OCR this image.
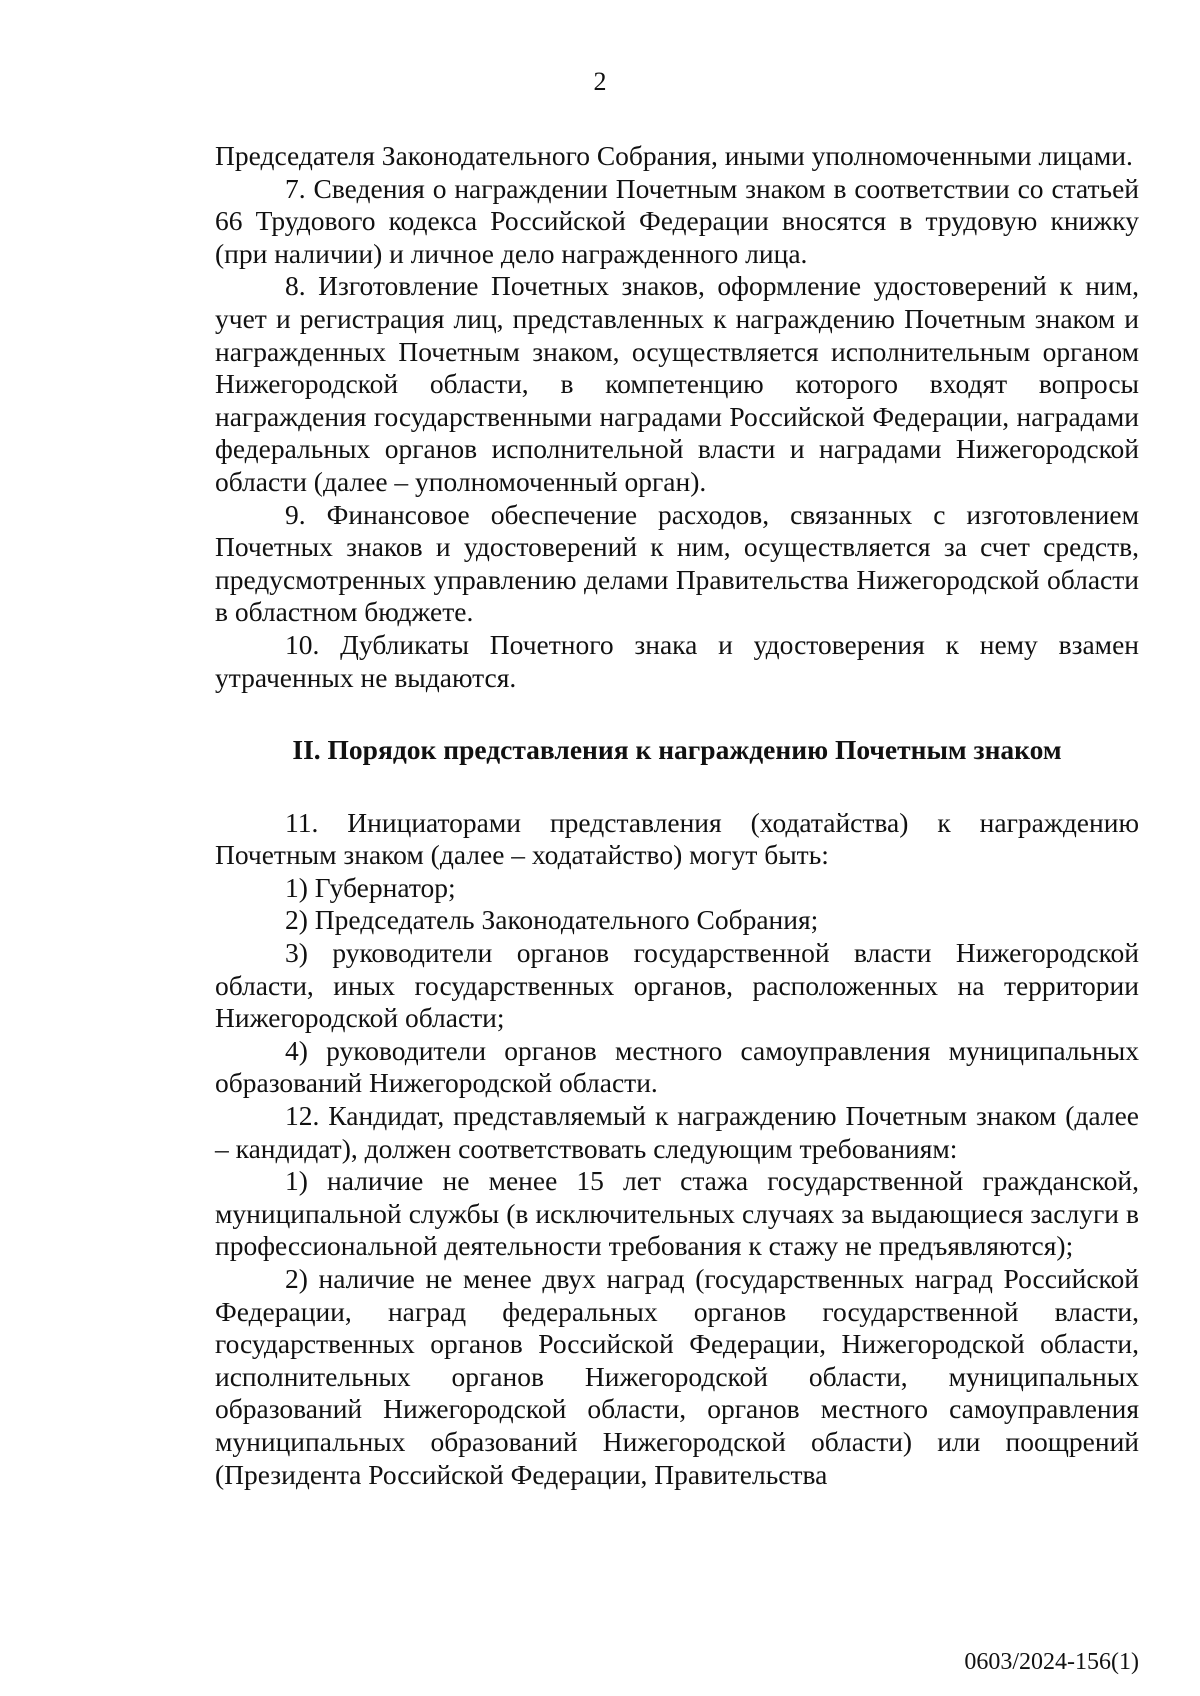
2

Председателя Законодательного Собрания, иными уполномоченными лицами.

7. Сведения о награждении Почетным знаком в соответствии со статьей 66 Трудового кодекса Российской Федерации вносятся в трудовую книжку (при наличии) и личное дело награжденного лица.

8. Изготовление Почетных знаков, оформление удостоверений к ним, учет и регистрация лиц, представленных к награждению Почетным знаком и награжденных Почетным знаком, осуществляется исполнительным органом Нижегородской области, в компетенцию которого входят вопросы награждения государственными наградами Российской Федерации, наградами федеральных органов исполнительной власти и наградами Нижегородской области (далее – уполномоченный орган).

9. Финансовое обеспечение расходов, связанных с изготовлением Почетных знаков и удостоверений к ним, осуществляется за счет средств, предусмотренных управлению делами Правительства Нижегородской области в областном бюджете.

10. Дубликаты Почетного знака и удостоверения к нему взамен утраченных не выдаются.

II. Порядок представления к награждению Почетным знаком

11. Инициаторами представления (ходатайства) к награждению Почетным знаком (далее – ходатайство) могут быть:

1) Губернатор;

2) Председатель Законодательного Собрания;

3) руководители органов государственной власти Нижегородской области, иных государственных органов, расположенных на территории Нижегородской области;

4) руководители органов местного самоуправления муниципальных образований Нижегородской области.

12. Кандидат, представляемый к награждению Почетным знаком (далее – кандидат), должен соответствовать следующим требованиям:

1) наличие не менее 15 лет стажа государственной гражданской, муниципальной службы (в исключительных случаях за выдающиеся заслуги в профессиональной деятельности требования к стажу не предъявляются);

2) наличие не менее двух наград (государственных наград Российской Федерации, наград федеральных органов государственной власти, государственных органов Российской Федерации, Нижегородской области, исполнительных органов Нижегородской области, муниципальных образований Нижегородской области, органов местного самоуправления муниципальных образований Нижегородской области) или поощрений (Президента Российской Федерации, Правительства

0603/2024-156(1)
